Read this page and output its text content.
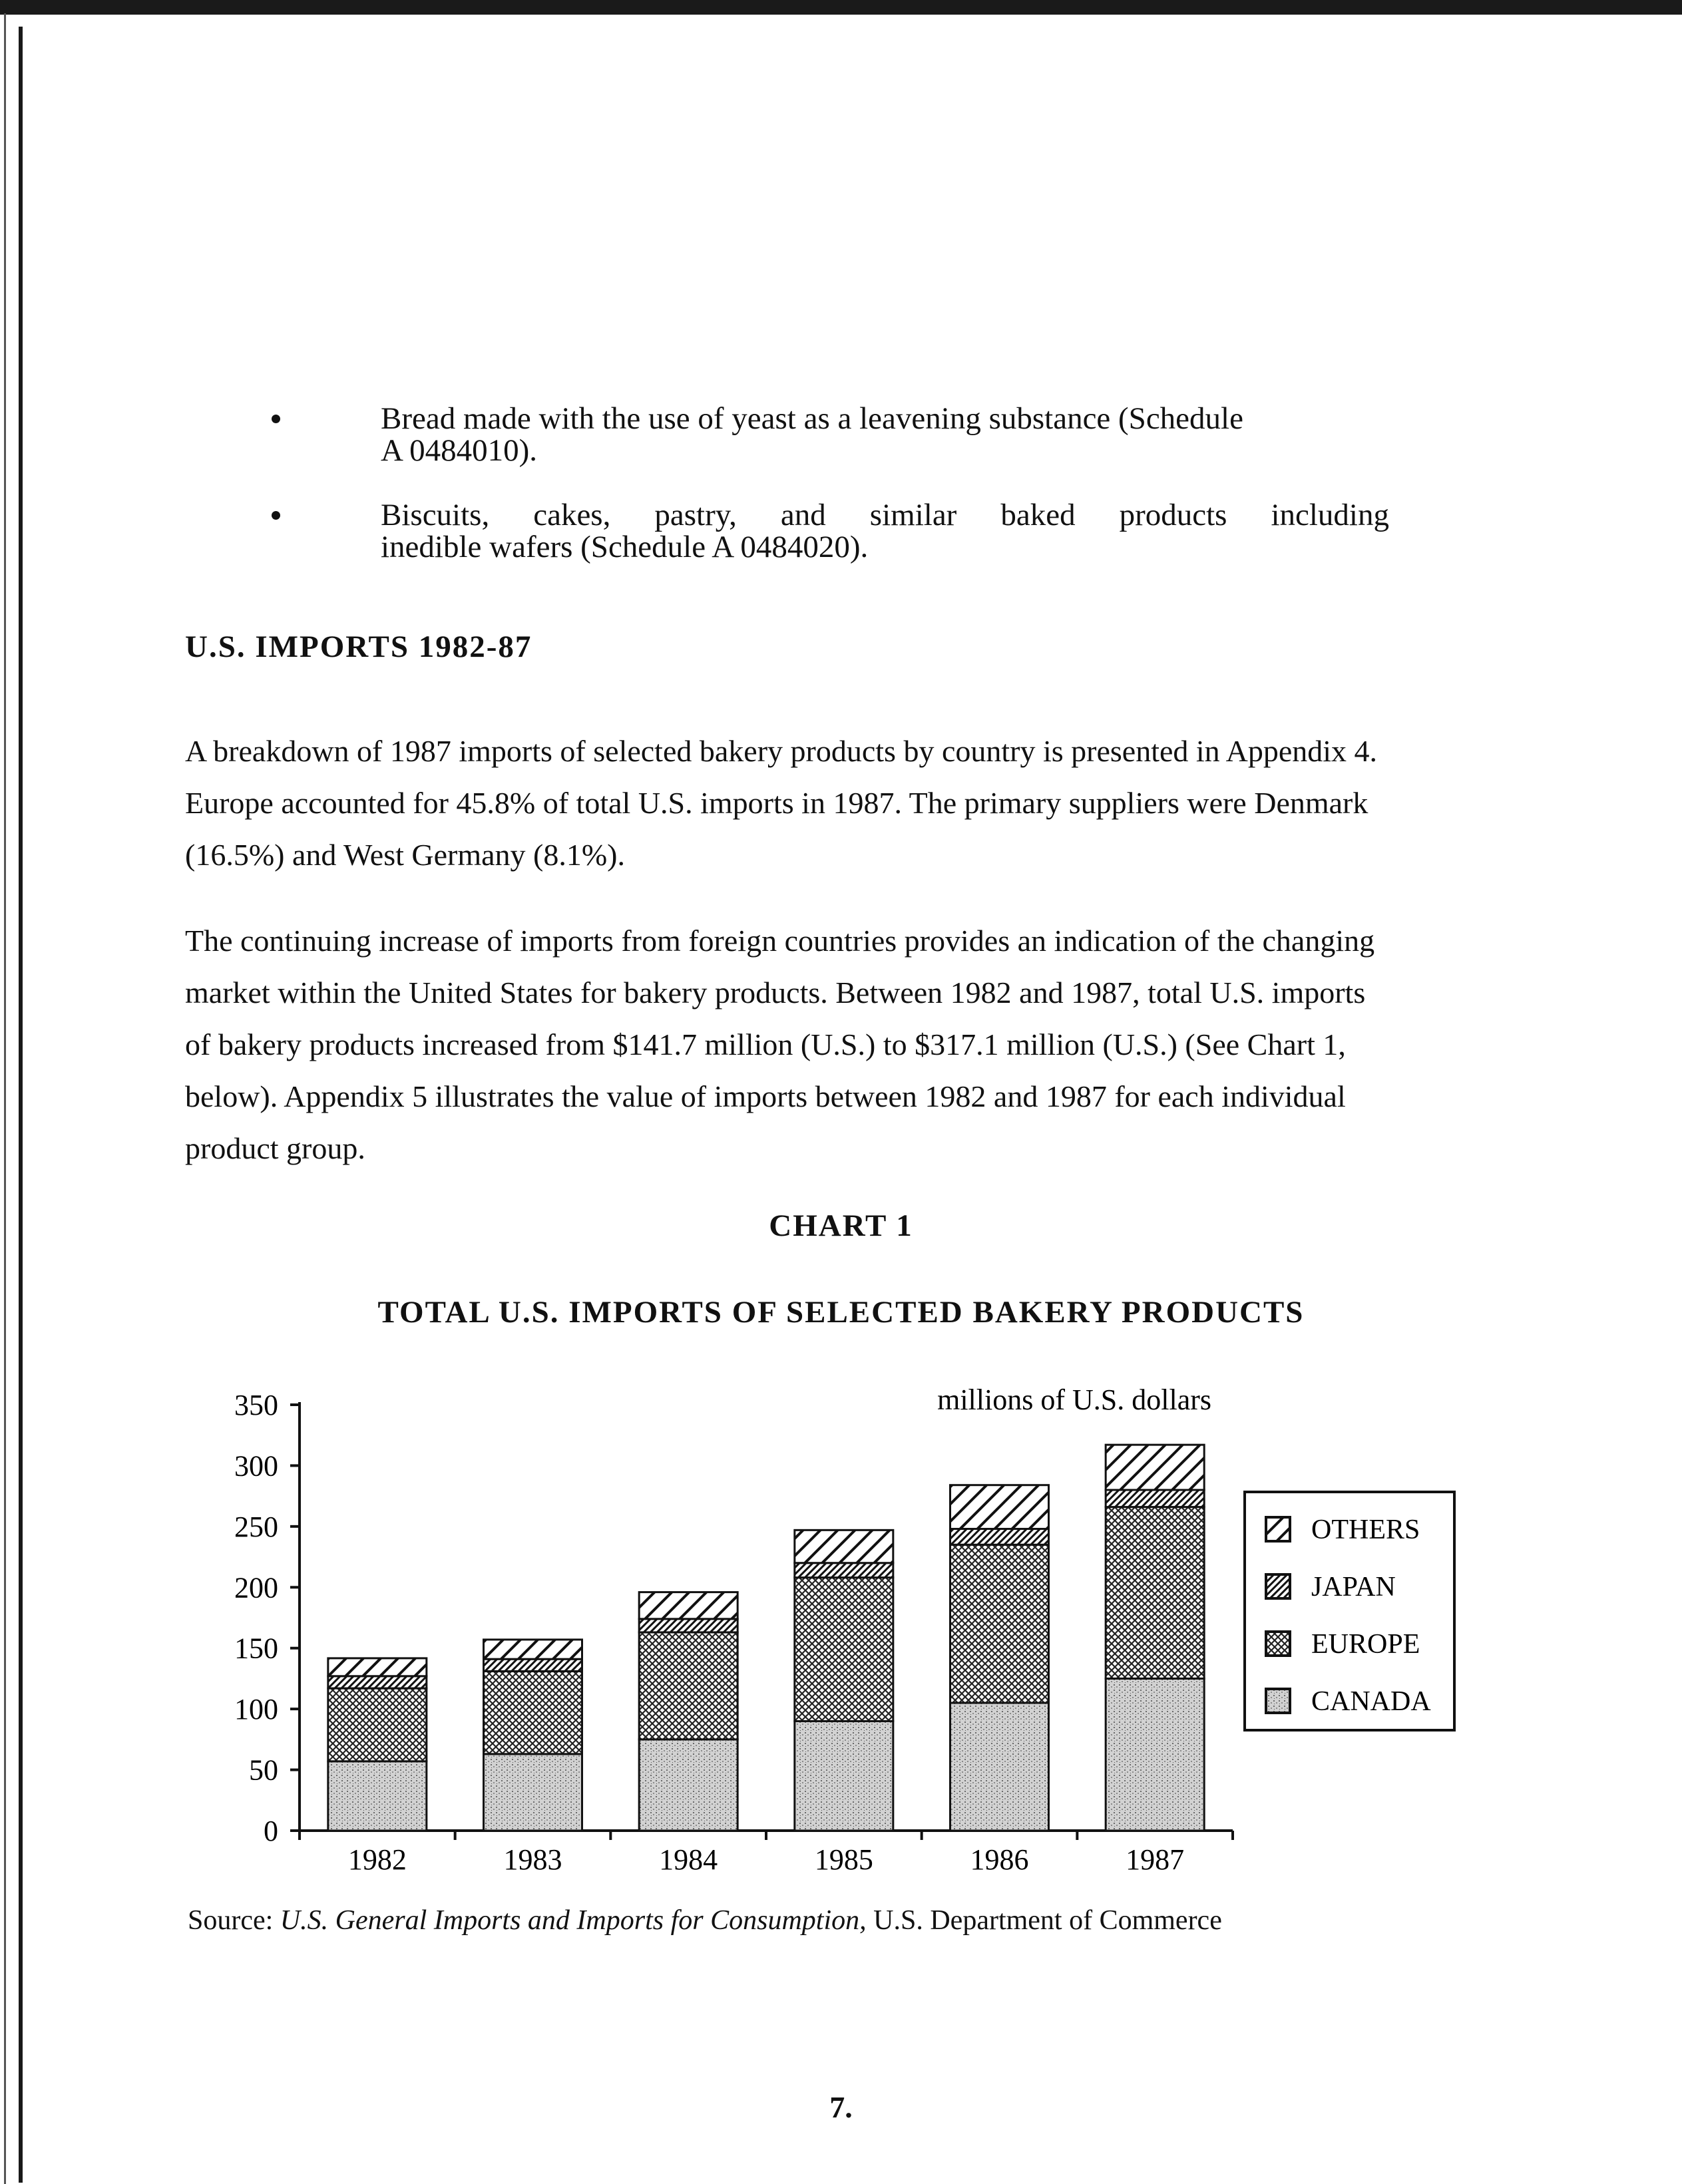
Bread made with the use of yeast as a leavening substance (Schedule
A 0484010).
Biscuits, cakes, pastry, and similar baked products including
inedible wafers (Schedule A 0484020).
U.S. IMPORTS 1982-87
A breakdown of 1987 imports of selected bakery products by country is presented in Appendix 4.
Europe accounted for 45.8% of total U.S. imports in 1987. The primary suppliers were Denmark
(16.5%) and West Germany (8.1%).
The continuing increase of imports from foreign countries provides an indication of the changing
market within the United States for bakery products. Between 1982 and 1987, total U.S. imports
of bakery products increased from $141.7 million (U.S.) to $317.1 million (U.S.) (See Chart 1,
below). Appendix 5 illustrates the value of imports between 1982 and 1987 for each individual
product group.
CHART 1
TOTAL U.S. IMPORTS OF SELECTED BAKERY PRODUCTS
0
50
100
150
200
250
300
350
1982	1983	1984	1985	1986	1987
millions of U.S. dollars
OTHERS
JAPAN
EUROPE
CANADA
Source: U.S. General Imports and Imports for Consumption, U.S. Department of Commerce
7.
